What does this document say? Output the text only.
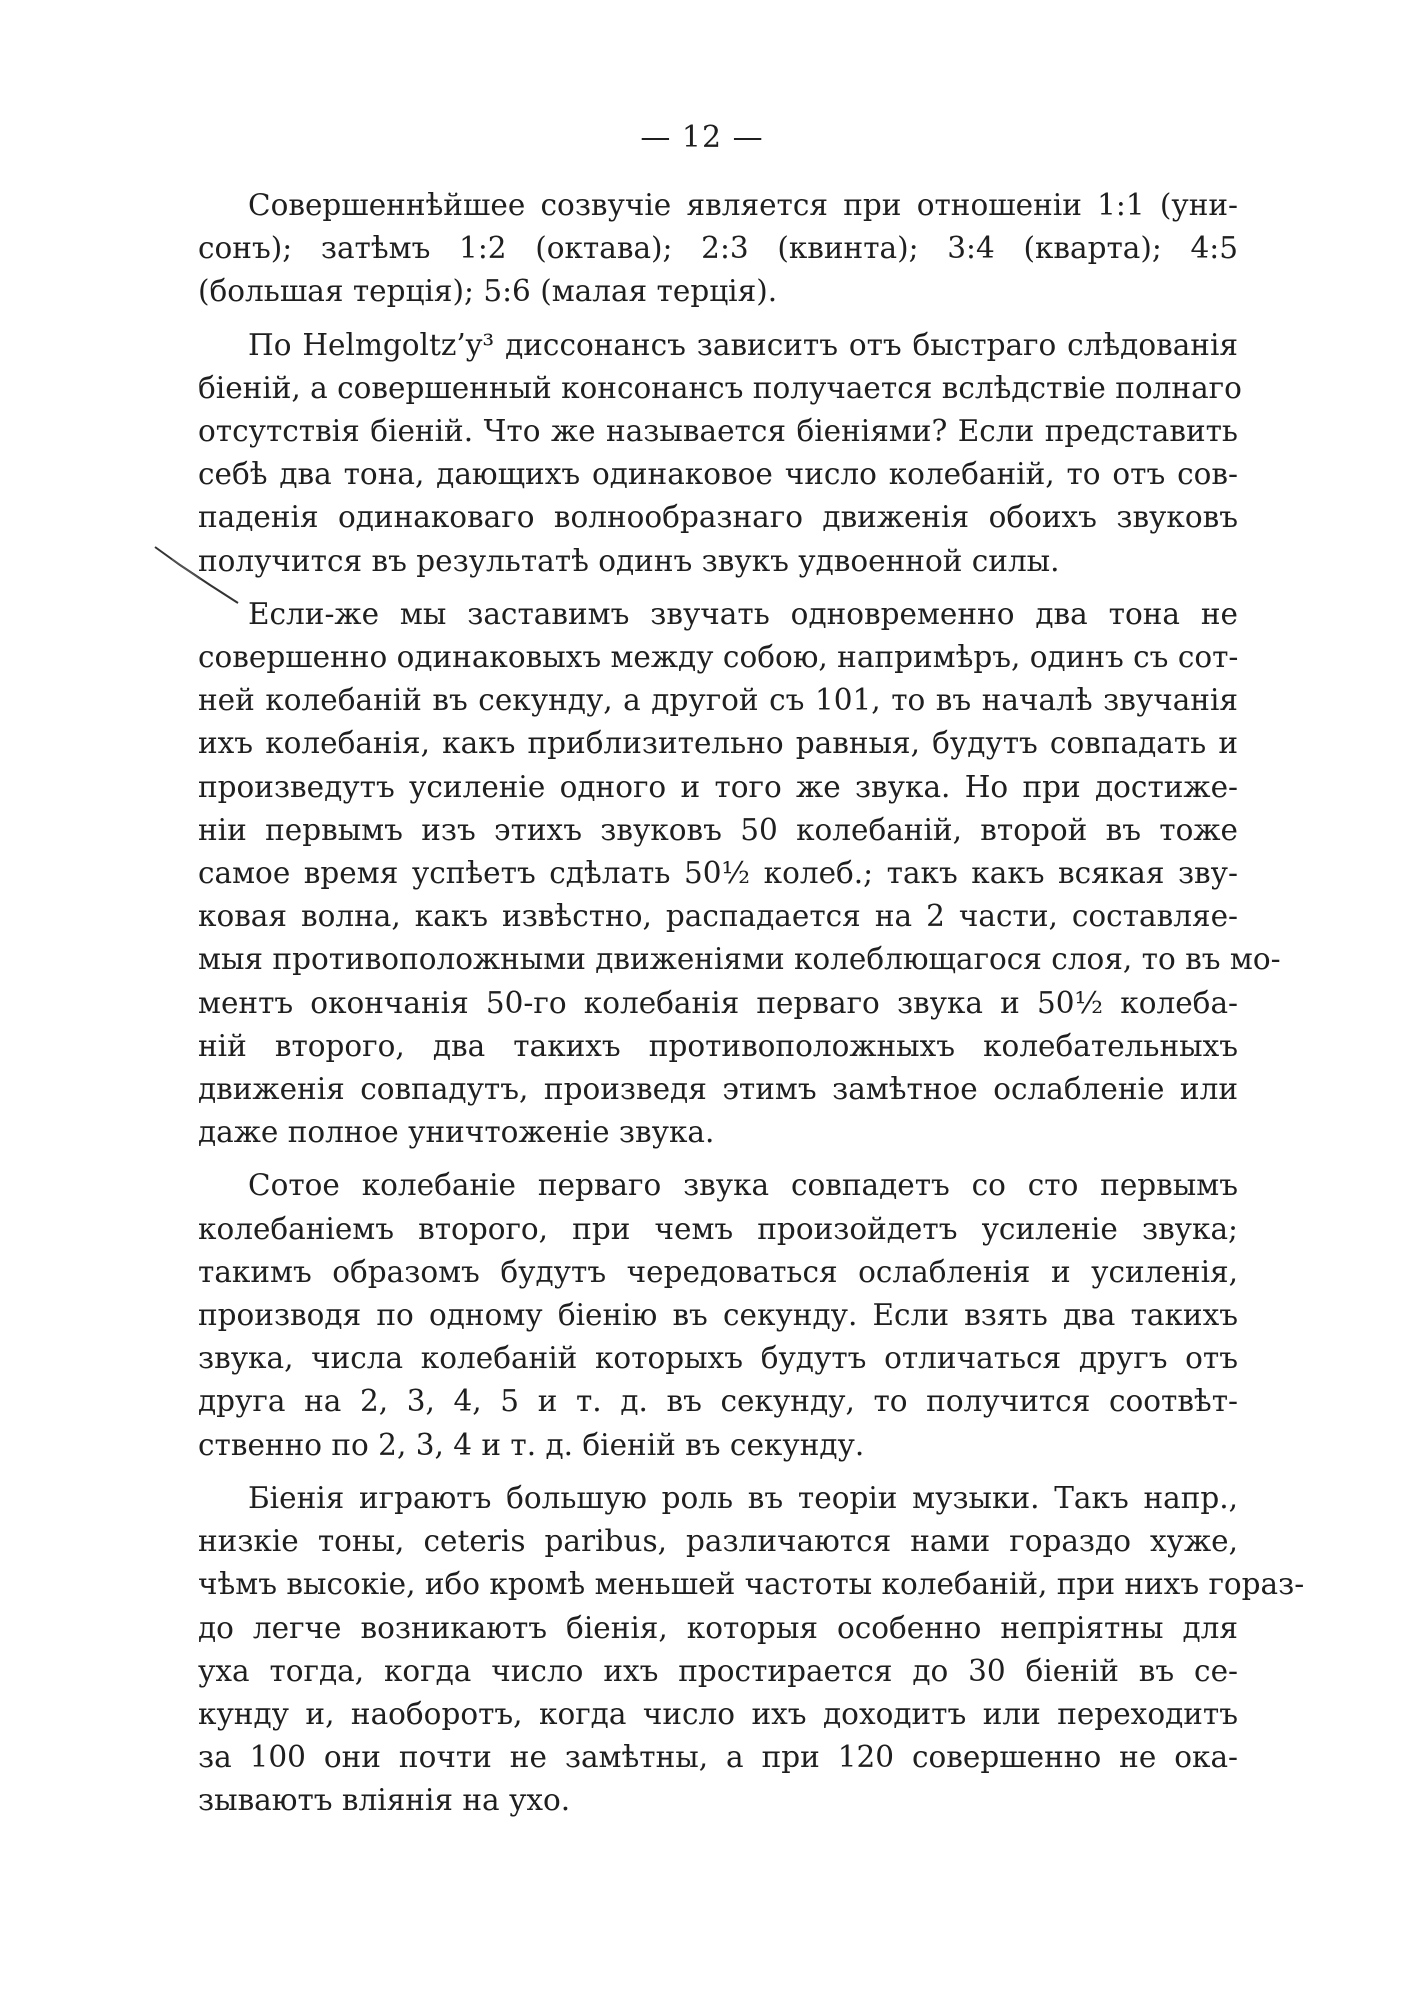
— 12 —
Совершеннѣйшее созвучіе является при отношеніи 1:1 (уни-
сонъ); затѣмъ 1:2 (октава); 2:3 (квинта); 3:4 (кварта); 4:5
(большая терція); 5:6 (малая терція).
По Helmgoltz’y³ диссонансъ зависитъ отъ быстраго слѣдованія
біеній, а совершенный консонансъ получается вслѣдствіе полнаго
отсутствія біеній. Что же называется біеніями? Если представить
себѣ два тона, дающихъ одинаковое число колебаній, то отъ сов-
паденія одинаковаго волнообразнаго движенія обоихъ звуковъ
получится въ результатѣ одинъ звукъ удвоенной силы.
Если-же мы заставимъ звучать одновременно два тона не
совершенно одинаковыхъ между собою, напримѣръ, одинъ съ сот-
ней колебаній въ секунду, а другой съ 101, то въ началѣ звучанія
ихъ колебанія, какъ приблизительно равныя, будутъ совпадать и
произведутъ усиленіе одного и того же звука. Но при достиже-
ніи первымъ изъ этихъ звуковъ 50 колебаній, второй въ тоже
самое время успѣетъ сдѣлать 50½ колеб.; такъ какъ всякая зву-
ковая волна, какъ извѣстно, распадается на 2 части, составляе-
мыя противоположными движеніями колеблющагося слоя, то въ мо-
ментъ окончанія 50-го колебанія перваго звука и 50½ колеба-
ній второго, два такихъ противоположныхъ колебательныхъ
движенія совпадутъ, произведя этимъ замѣтное ослабленіе или
даже полное уничтоженіе звука.
Сотое колебаніе перваго звука совпадетъ со сто первымъ
колебаніемъ второго, при чемъ произойдетъ усиленіе звука;
такимъ образомъ будутъ чередоваться ослабленія и усиленія,
производя по одному біенію въ секунду. Если взять два такихъ
звука, числа колебаній которыхъ будутъ отличаться другъ отъ
друга на 2, 3, 4, 5 и т. д. въ секунду, то получится соотвѣт-
ственно по 2, 3, 4 и т. д. біеній въ секунду.
Біенія играютъ большую роль въ теоріи музыки. Такъ напр.,
низкіе тоны, ceteris paribus, различаются нами гораздо хуже,
чѣмъ высокіе, ибо кромѣ меньшей частоты колебаній, при нихъ гораз-
до легче возникаютъ біенія, которыя особенно непріятны для
уха тогда, когда число ихъ простирается до 30 біеній въ се-
кунду и, наоборотъ, когда число ихъ доходитъ или переходитъ
за 100 они почти не замѣтны, а при 120 совершенно не ока-
зываютъ вліянія на ухо.
